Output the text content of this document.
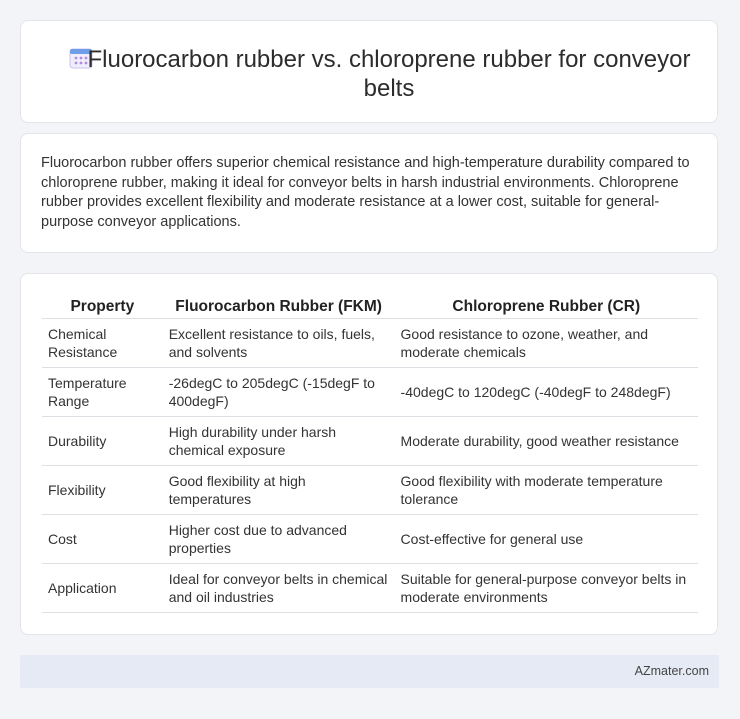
Fluorocarbon rubber vs. chloroprene rubber for conveyor belts

Fluorocarbon rubber offers superior chemical resistance and high-temperature durability compared to chloroprene rubber, making it ideal for conveyor belts in harsh industrial environments. Chloroprene rubber provides excellent flexibility and moderate resistance at a lower cost, suitable for general-purpose conveyor applications.

Property	Fluorocarbon Rubber (FKM)	Chloroprene Rubber (CR)
Chemical Resistance	Excellent resistance to oils, fuels, and solvents	Good resistance to ozone, weather, and moderate chemicals
Temperature Range	-26degC to 205degC (-15degF to 400degF)	-40degC to 120degC (-40degF to 248degF)
Durability	High durability under harsh chemical exposure	Moderate durability, good weather resistance
Flexibility	Good flexibility at high temperatures	Good flexibility with moderate temperature tolerance
Cost	Higher cost due to advanced properties	Cost-effective for general use
Application	Ideal for conveyor belts in chemical and oil industries	Suitable for general-purpose conveyor belts in moderate environments
AZmater.com
